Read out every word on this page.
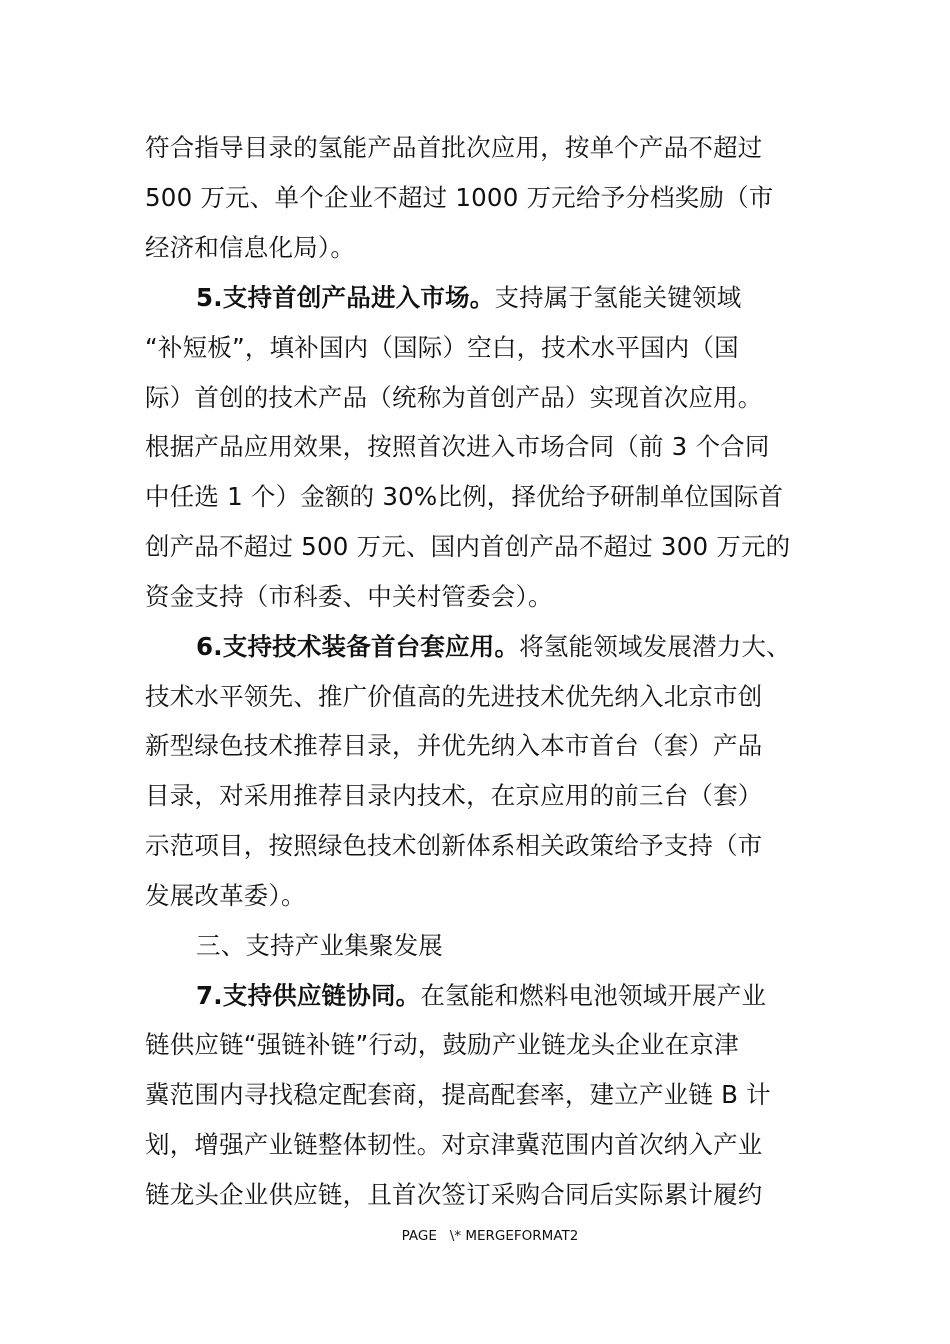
符合指导目录的氢能产品首批次应用，按单个产品不超过
500 万元、单个企业不超过 1000 万元给予分档奖励（市
经济和信息化局）。
5.支持首创产品进入市场。支持属于氢能关键领域
“补短板”，填补国内（国际）空白，技术水平国内（国
际）首创的技术产品（统称为首创产品）实现首次应用。
根据产品应用效果，按照首次进入市场合同（前 3 个合同
中任选 1 个）金额的 30%比例，择优给予研制单位国际首
创产品不超过 500 万元、国内首创产品不超过 300 万元的
资金支持（市科委、中关村管委会）。
6.支持技术装备首台套应用。将氢能领域发展潜力大、
技术水平领先、推广价值高的先进技术优先纳入北京市创
新型绿色技术推荐目录，并优先纳入本市首台（套）产品
目录，对采用推荐目录内技术，在京应用的前三台（套）
示范项目，按照绿色技术创新体系相关政策给予支持（市
发展改革委）。
三、支持产业集聚发展
7.支持供应链协同。在氢能和燃料电池领域开展产业
链供应链“强链补链”行动，鼓励产业链龙头企业在京津
冀范围内寻找稳定配套商，提高配套率，建立产业链 B 计
划，增强产业链整体韧性。对京津冀范围内首次纳入产业
链龙头企业供应链，且首次签订采购合同后实际累计履约
PAGE   \* MERGEFORMAT2
